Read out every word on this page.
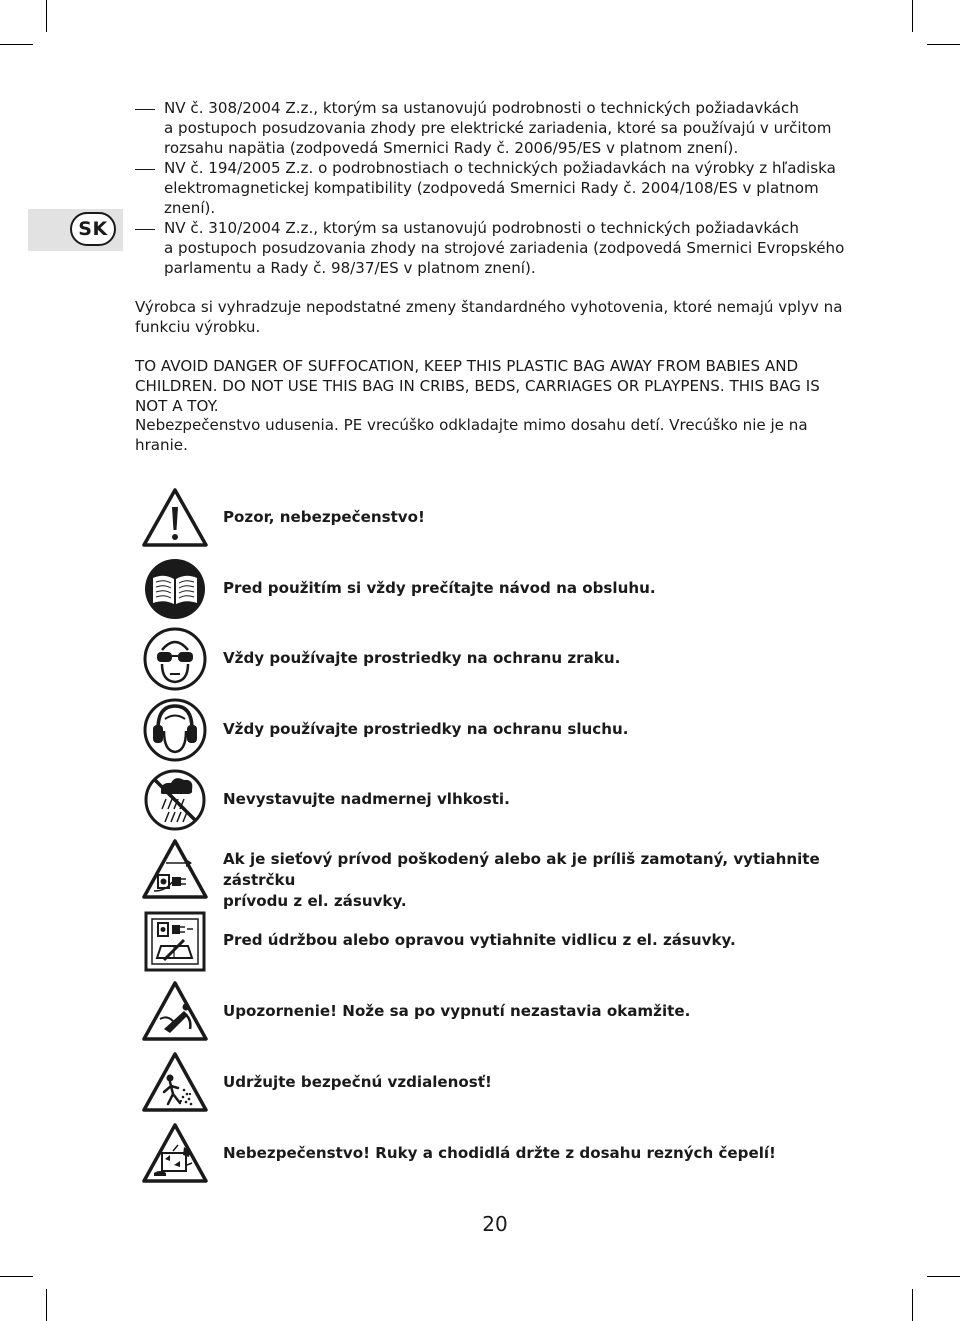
SK
NV č. 308/2004 Z.z., ktorým sa ustanovujú podrobnosti o technických požiadavkách
a postupoch posudzovania zhody pre elektrické zariadenia, ktoré sa používajú v určitom
rozsahu napätia (zodpovedá Smernici Rady č. 2006/95/ES v platnom znení).
NV č. 194/2005 Z.z. o podrobnostiach o technických požiadavkách na výrobky z hľadiska
elektromagnetickej kompatibility (zodpovedá Smernici Rady č. 2004/108/ES v platnom
znení).
NV č. 310/2004 Z.z., ktorým sa ustanovujú podrobnosti o technických požiadavkách
a postupoch posudzovania zhody na strojové zariadenia (zodpovedá Smernici Evropského
parlamentu a Rady č. 98/37/ES v platnom znení).
Výrobca si vyhradzuje nepodstatné zmeny štandardného vyhotovenia, ktoré nemajú vplyv na
funkciu výrobku.
TO AVOID DANGER OF SUFFOCATION, KEEP THIS PLASTIC BAG AWAY FROM BABIES AND
CHILDREN. DO NOT USE THIS BAG IN CRIBS, BEDS, CARRIAGES OR PLAYPENS. THIS BAG IS
NOT A TOY.
Nebezpečenstvo udusenia. PE vrecúško odkladajte mimo dosahu detí. Vrecúško nie je na
hranie.
Pozor, nebezpečenstvo!
Pred použitím si vždy prečítajte návod na obsluhu.
Vždy používajte prostriedky na ochranu zraku.
Vždy používajte prostriedky na ochranu sluchu.
Nevystavujte nadmernej vlhkosti.
Ak je sieťový prívod poškodený alebo ak je príliš zamotaný, vytiahnite zástrčku
prívodu z el. zásuvky.
Pred údržbou alebo opravou vytiahnite vidlicu z el. zásuvky.
Upozornenie! Nože sa po vypnutí nezastavia okamžite.
Udržujte bezpečnú vzdialenosť!
Nebezpečenstvo! Ruky a chodidlá držte z dosahu rezných čepelí!
20
